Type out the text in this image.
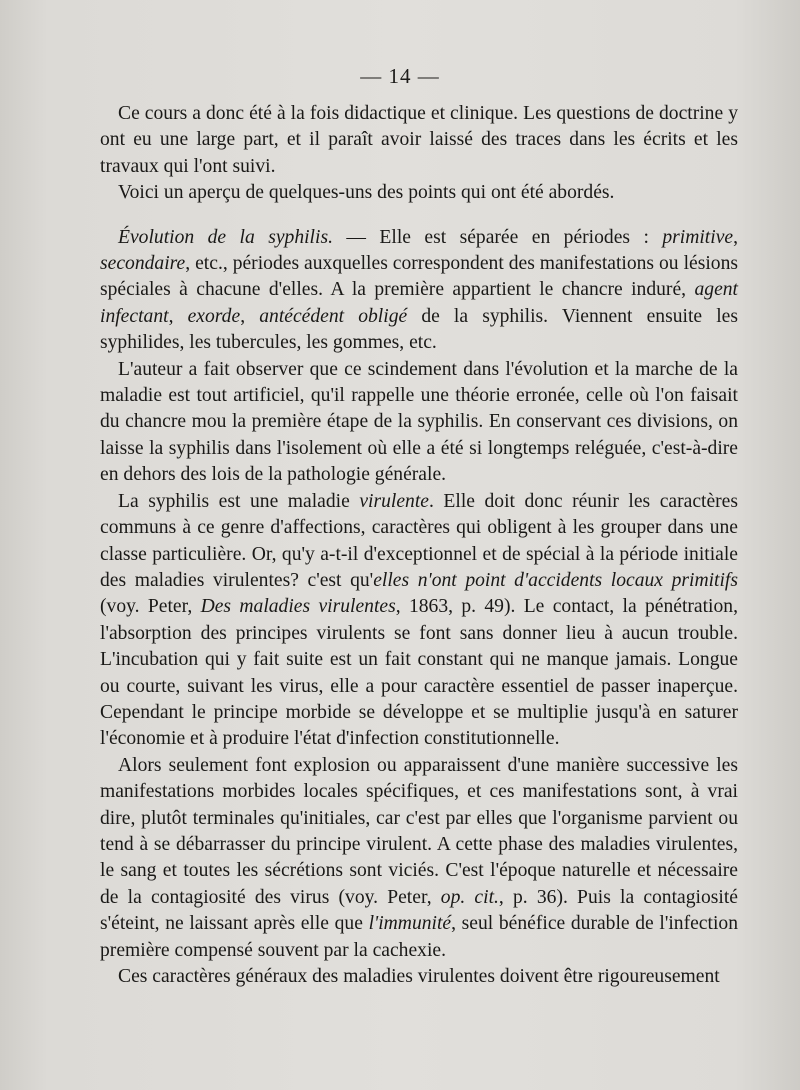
— 14 —

Ce cours a donc été à la fois didactique et clinique. Les questions de doctrine y ont eu une large part, et il paraît avoir laissé des traces dans les écrits et les travaux qui l'ont suivi.

Voici un aperçu de quelques-uns des points qui ont été abordés.

Évolution de la syphilis. — Elle est séparée en périodes : primitive, secondaire, etc., périodes auxquelles correspondent des manifestations ou lésions spéciales à chacune d'elles. A la première appartient le chancre induré, agent infectant, exorde, antécédent obligé de la syphilis. Viennent ensuite les syphilides, les tubercules, les gommes, etc.

L'auteur a fait observer que ce scindement dans l'évolution et la marche de la maladie est tout artificiel, qu'il rappelle une théorie erronée, celle où l'on faisait du chancre mou la première étape de la syphilis. En conservant ces divisions, on laisse la syphilis dans l'isolement où elle a été si longtemps reléguée, c'est-à-dire en dehors des lois de la pathologie générale.

La syphilis est une maladie virulente. Elle doit donc réunir les caractères communs à ce genre d'affections, caractères qui obligent à les grouper dans une classe particulière. Or, qu'y a-t-il d'exceptionnel et de spécial à la période initiale des maladies virulentes? c'est qu'elles n'ont point d'accidents locaux primitifs (voy. Peter, Des maladies virulentes, 1863, p. 49). Le contact, la pénétration, l'absorption des principes virulents se font sans donner lieu à aucun trouble. L'incubation qui y fait suite est un fait constant qui ne manque jamais. Longue ou courte, suivant les virus, elle a pour caractère essentiel de passer inaperçue. Cependant le principe morbide se développe et se multiplie jusqu'à en saturer l'économie et à produire l'état d'infection constitutionnelle.

Alors seulement font explosion ou apparaissent d'une manière successive les manifestations morbides locales spécifiques, et ces manifestations sont, à vrai dire, plutôt terminales qu'initiales, car c'est par elles que l'organisme parvient ou tend à se débarrasser du principe virulent. A cette phase des maladies virulentes, le sang et toutes les sécrétions sont viciés. C'est l'époque naturelle et nécessaire de la contagiosité des virus (voy. Peter, op. cit., p. 36). Puis la contagiosité s'éteint, ne laissant après elle que l'immunité, seul bénéfice durable de l'infection première compensé souvent par la cachexie.

Ces caractères généraux des maladies virulentes doivent être rigoureusement
